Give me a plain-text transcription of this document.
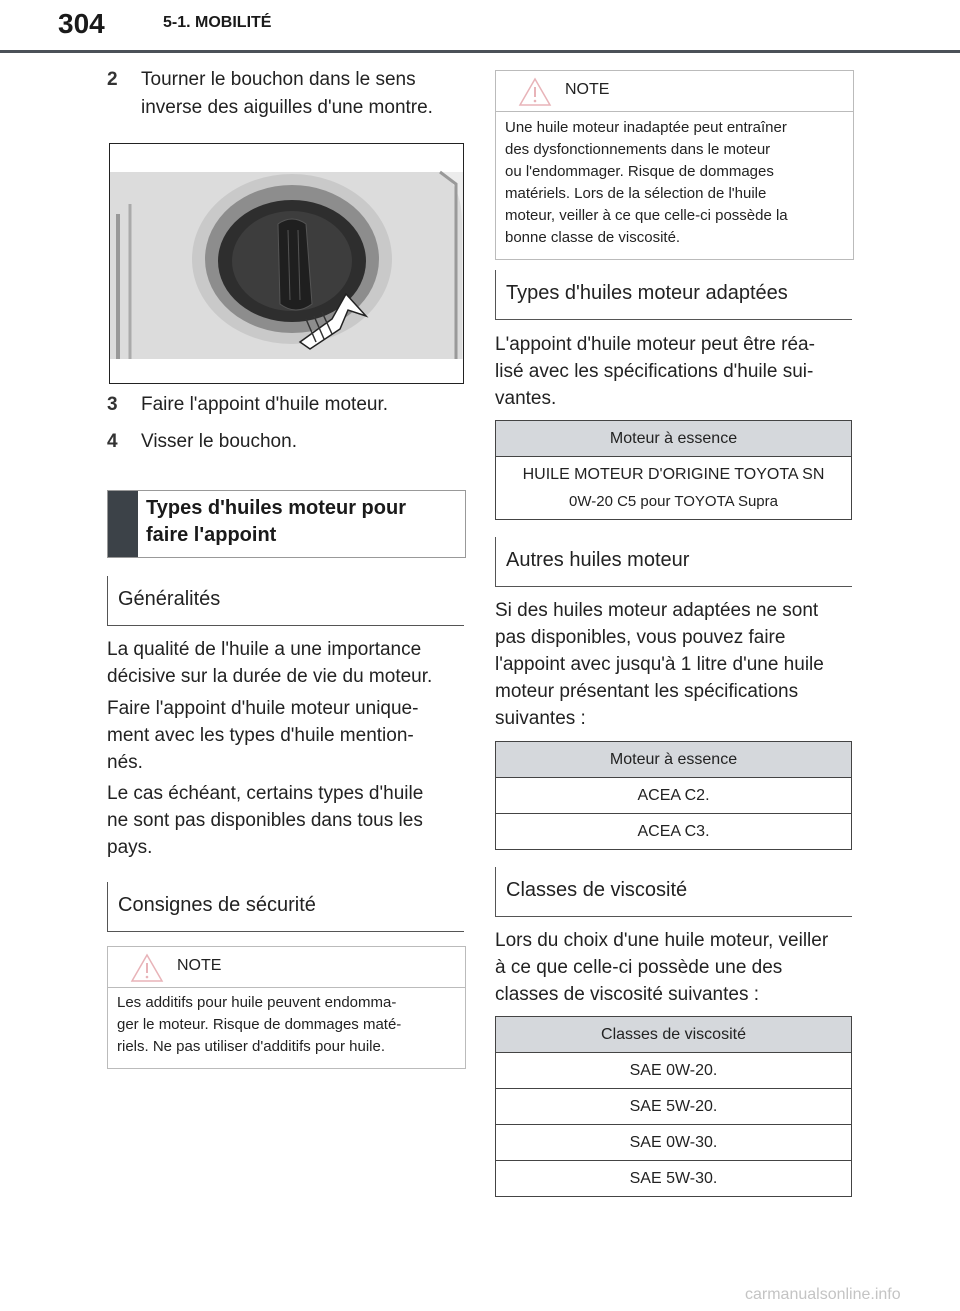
304	5-1. MOBILITÉ
2 Tourner le bouchon dans le sens
inverse des aiguilles d'une montre.
3 Faire l'appoint d'huile moteur.
4 Visser le bouchon.
Types d'huiles moteur pour
faire l'appoint
Généralités
La qualité de l'huile a une importance
décisive sur la durée de vie du moteur.
Faire l'appoint d'huile moteur unique-
ment avec les types d'huile mention-
nés.
Le cas échéant, certains types d'huile
ne sont pas disponibles dans tous les
pays.
Consignes de sécurité
NOTE
Les additifs pour huile peuvent endomma-
ger le moteur. Risque de dommages maté-
riels. Ne pas utiliser d'additifs pour huile.
NOTE
Une huile moteur inadaptée peut entraîner
des dysfonctionnements dans le moteur
ou l'endommager. Risque de dommages
matériels. Lors de la sélection de l'huile
moteur, veiller à ce que celle-ci possède la
bonne classe de viscosité.
Types d'huiles moteur adaptées
L'appoint d'huile moteur peut être réa-
lisé avec les spécifications d'huile sui-
vantes.
Moteur à essence

HUILE MOTEUR D'ORIGINE TOYOTA SN
0W-20 C5 pour TOYOTA Supra
Autres huiles moteur
Si des huiles moteur adaptées ne sont
pas disponibles, vous pouvez faire
l'appoint avec jusqu'à 1 litre d'une huile
moteur présentant les spécifications
suivantes :
Moteur à essence
ACEA C2.
ACEA C3.
Classes de viscosité
Lors du choix d'une huile moteur, veiller
à ce que celle-ci possède une des
classes de viscosité suivantes :
Classes de viscosité
SAE 0W-20.
SAE 5W-20.
SAE 0W-30.
SAE 5W-30.
carmanualsonline.info
